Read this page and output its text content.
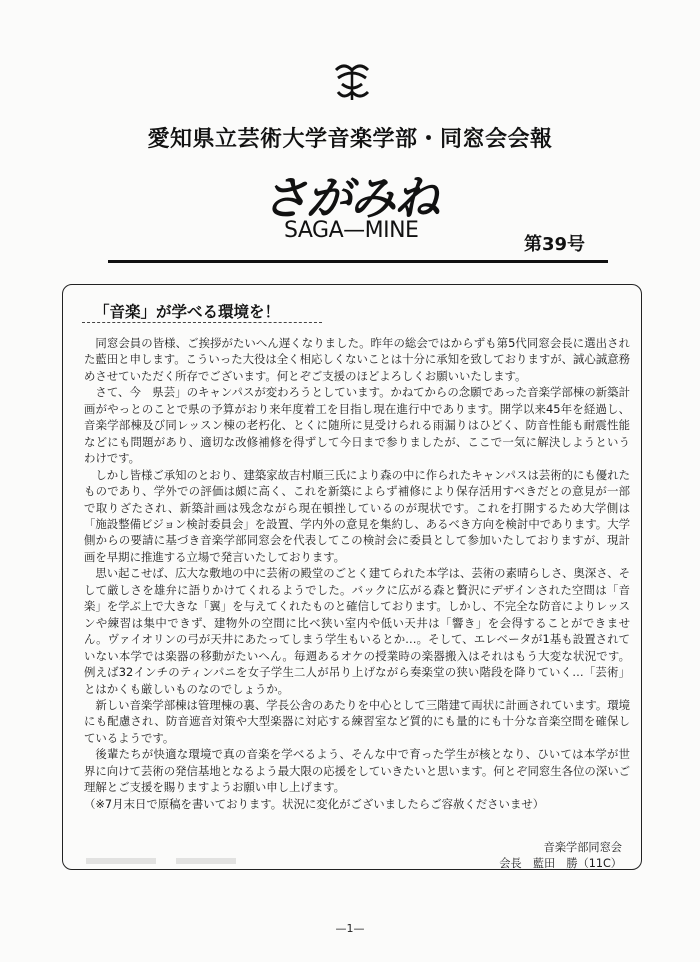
愛知県立芸術大学音楽学部・同窓会会報
さがみね
SAGA—MINE
第39号
「音楽」が学べる環境を！

同窓会員の皆様、ご挨拶がたいへん遅くなりました。昨年の総会ではからずも第5代同窓会長に選出された藍田と申します。こういった大役は全く相応しくないことは十分に承知を致しておりますが、誠心誠意務めさせていただく所存でございます。何とぞご支援のほどよろしくお願いいたします。

さて、今　県芸」のキャンパスが変わろうとしています。かねてからの念願であった音楽学部棟の新築計画がやっとのことで県の予算がおり来年度着工を目指し現在進行中であります。開学以来45年を経過し、音楽学部棟及び同レッスン棟の老朽化、とくに随所に見受けられる雨漏りはひどく、防音性能も耐震性能などにも問題があり、適切な改修補修を得ずして今日まで参りましたが、ここで一気に解決しようというわけです。

しかし皆様ご承知のとおり、建築家故吉村順三氏により森の中に作られたキャンパスは芸術的にも優れたものであり、学外での評価は頗に高く、これを新築によらず補修により保存活用すべきだとの意見が一部で取りざたされ、新築計画は残念ながら現在頓挫しているのが現状です。これを打開するため大学側は「施設整備ビジョン検討委員会」を設置、学内外の意見を集約し、あるべき方向を検討中であります。大学側からの要請に基づき音楽学部同窓会を代表してこの検討会に委員として参加いたしておりますが、現計画を早期に推進する立場で発言いたしております。

思い起こせば、広大な敷地の中に芸術の殿堂のごとく建てられた本学は、芸術の素晴らしさ、奥深さ、そして厳しさを雄弁に語りかけてくれるようでした。バックに広がる森と贅沢にデザインされた空間は「音楽」を学ぶ上で大きな「翼」を与えてくれたものと確信しております。しかし、不完全な防音によりレッスンや練習は集中できず、建物外の空間に比べ狭い室内や低い天井は「響き」を会得することができません。ヴァイオリンの弓が天井にあたってしまう学生もいるとか…。そして、エレベータが1基も設置されていない本学では楽器の移動がたいへん。毎週あるオケの授業時の楽器搬入はそれはもう大変な状況です。例えば32インチのティンパニを女子学生二人が吊り上げながら奏楽堂の狭い階段を降りていく…「芸術」とはかくも厳しいものなのでしょうか。

新しい音楽学部棟は管理棟の裏、学長公舎のあたりを中心として三階建て両状に計画されています。環境にも配慮され、防音遮音対策や大型楽器に対応する練習室など質的にも量的にも十分な音楽空間を確保しているようです。

後輩たちが快適な環境で真の音楽を学べるよう、そんな中で育った学生が核となり、ひいては本学が世界に向けて芸術の発信基地となるよう最大限の応援をしていきたいと思います。何とぞ同窓生各位の深いご理解とご支援を賜りますようお願い申し上げます。

（※7月末日で原稿を書いております。状況に変化がございましたらご容赦くださいませ）

音楽学部同窓会
会長　藍田　勝（11C）
—1—
